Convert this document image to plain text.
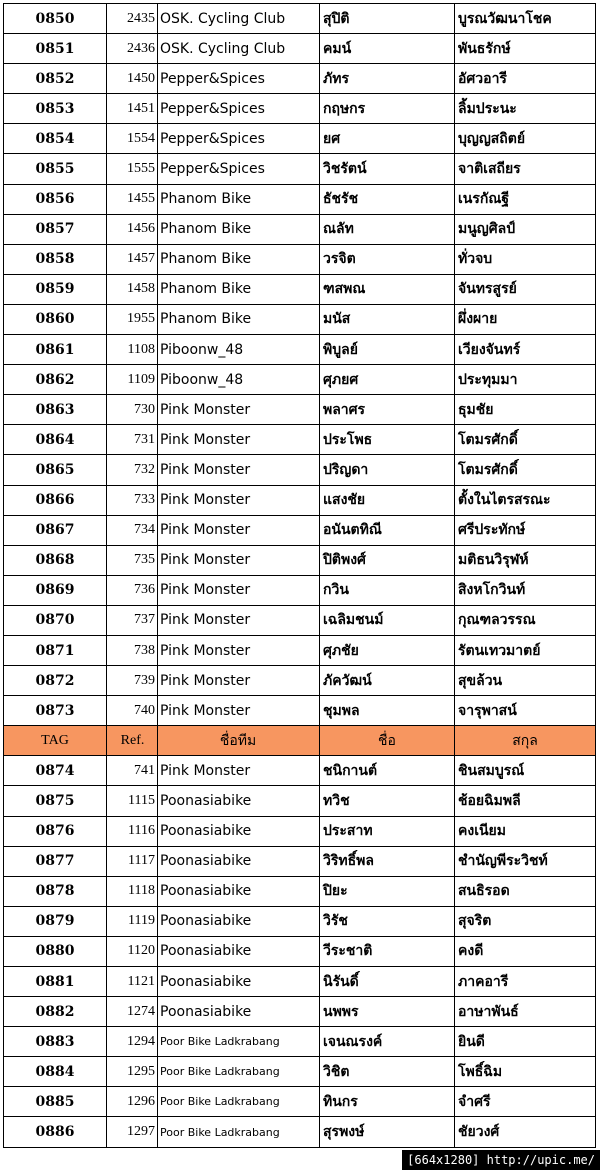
0850	2435	OSK. Cycling Club	สุปิติ	บูรณวัฒนาโชค
0851	2436	OSK. Cycling Club	คมน์	พันธรักษ์
0852	1450	Pepper&Spices	ภัทร	อัศวอารี
0853	1451	Pepper&Spices	กฤษกร	ลิ้มประนะ
0854	1554	Pepper&Spices	ยศ	บุญญสถิตย์
0855	1555	Pepper&Spices	วิชรัตน์	จาติเสถียร
0856	1455	Phanom Bike	ธัชรัช	เนรกัณฐี
0857	1456	Phanom Bike	ณลัท	มนูญศิลป์
0858	1457	Phanom Bike	วรจิต	ทั่วจบ
0859	1458	Phanom Bike	ฑสพณ	จันทรสูรย์
0860	1955	Phanom Bike	มนัส	ผึ่งผาย
0861	1108	Piboonw_48	พิบูลย์	เวียงจันทร์
0862	1109	Piboonw_48	ศุภยศ	ประทุมมา
0863	730	Pink Monster	พลาศร	ธุมชัย
0864	731	Pink Monster	ประโพธ	โตมรศักดิ์
0865	732	Pink Monster	ปริญดา	โตมรศักดิ์
0866	733	Pink Monster	แสงชัย	ตั้งในไตรสรณะ
0867	734	Pink Monster	อนันตทิณี	ศรีประทักษ์
0868	735	Pink Monster	ปิติพงศ์	มติธนวิรุฬห์
0869	736	Pink Monster	กวิน	สิงหโกวินท์
0870	737	Pink Monster	เฉลิมชนม์	กุณฑลวรรณ
0871	738	Pink Monster	ศุภชัย	รัตนเทวมาตย์
0872	739	Pink Monster	ภัควัฒน์	สุขล้วน
0873	740	Pink Monster	ชุมพล	จารุพาสน์
TAG	Ref.	ชื่อทีม	ชื่อ	สกุล
0874	741	Pink Monster	ชนิกานต์	ชินสมบูรณ์
0875	1115	Poonasiabike	ทวิช	ช้อยฉิมพลี
0876	1116	Poonasiabike	ประสาท	คงเนียม
0877	1117	Poonasiabike	วิริทธิ์พล	ชำนัญพีระวิชท์
0878	1118	Poonasiabike	ปิยะ	สนธิรอด
0879	1119	Poonasiabike	วิรัช	สุจริต
0880	1120	Poonasiabike	วีระชาติ	คงดี
0881	1121	Poonasiabike	นิรันดิ์	ภาคอารี
0882	1274	Poonasiabike	นพพร	อาษาพันธ์
0883	1294	Poor Bike Ladkrabang	เจนณรงค์	ยินดี
0884	1295	Poor Bike Ladkrabang	วิชิต	โพธิ์ฉิม
0885	1296	Poor Bike Ladkrabang	ทินกร	จำศรี
0886	1297	Poor Bike Ladkrabang	สุรพงษ์	ชัยวงศ์
[664x1280] http://upic.me/
